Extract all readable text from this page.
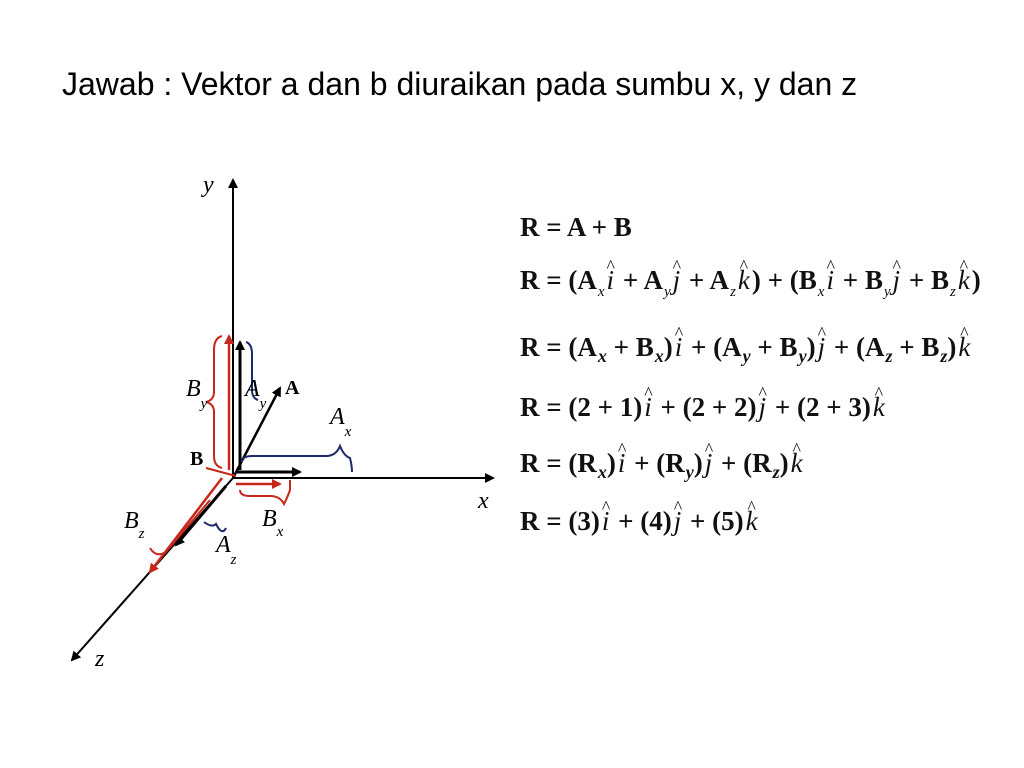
Jawab : Vektor a dan b diuraikan pada sumbu x, y dan z
y
x
z
A
B
$B_y$
$A_y$	$A_x$
$B_x$
$A_z$
$B_z$
R = A + B
$R = (A_x\^{}$ $i + A_y\^{}$ $j + A_z\^{}$ $k) + (B_x\^{}$ $i + B_y\^{}$ $j + B_z\^{}$ k)
$R = (A_x$ + $B_x)\^{}$ $i + (A_y$ + $B_y)\^{}$ $j + (A_z$ + $B_z)\^{}$ k
R = (2 + 1)^ i + (2 + 2)^ j + (2 + 3)^ k
$R = (R_x)\^{}$ $i + (R_y)\^{}$ $j + (R_z)\^{}$ k
R = (3)^ i + (4)^ j + (5)^ k
